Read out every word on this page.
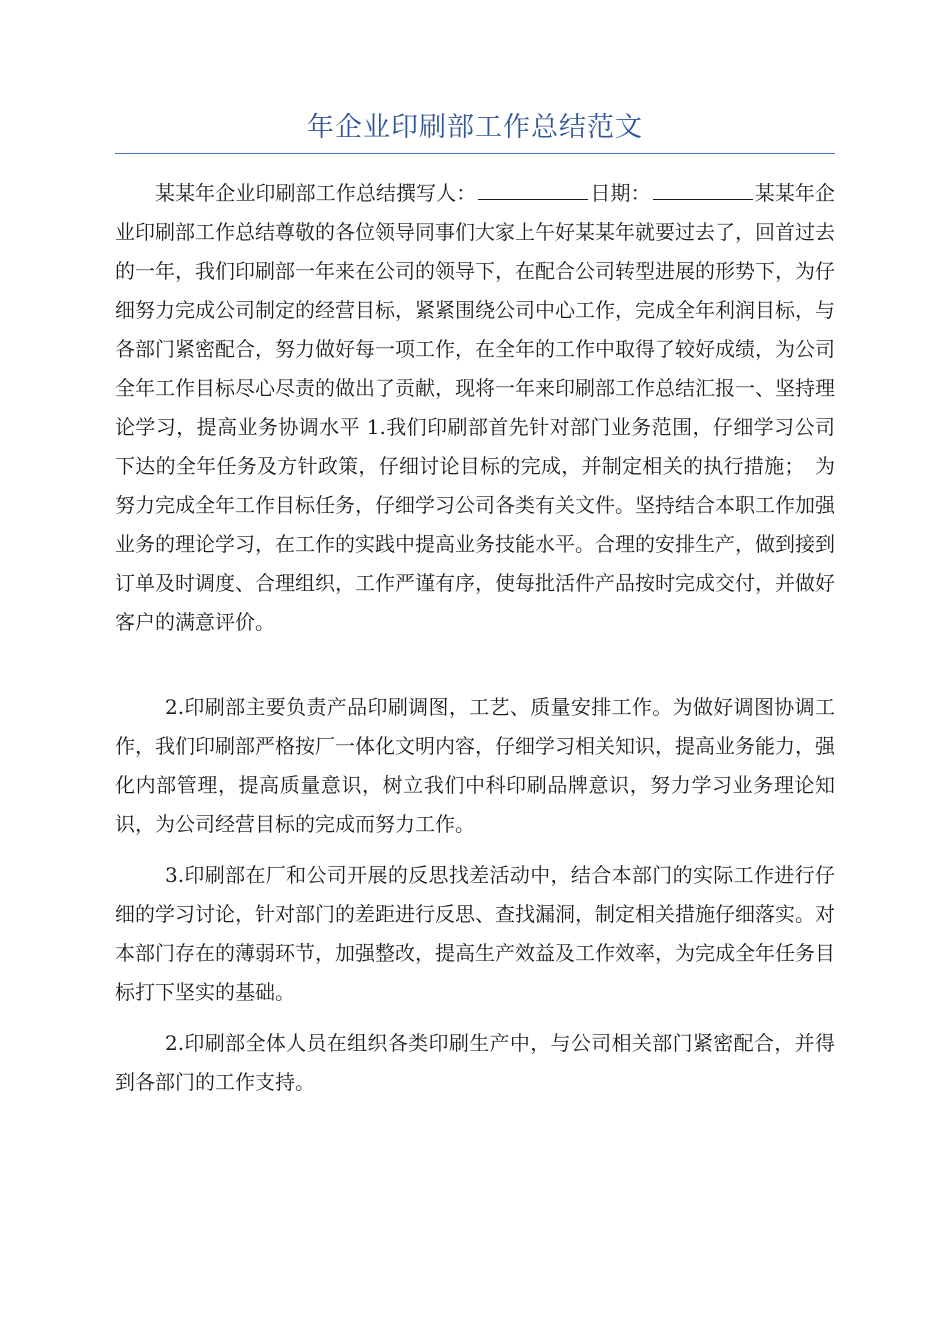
年企业印刷部工作总结范文

某某年企业印刷部工作总结撰写人：	日期：	某某年企业印刷部工作总结尊敬的各位领导同事们大家上午好某某年就要过去了，回首过去的一年，我们印刷部一年来在公司的领导下，在配合公司转型进展的形势下，为仔细努力完成公司制定的经营目标，紧紧围绕公司中心工作，完成全年利润目标，与各部门紧密配合，努力做好每一项工作，在全年的工作中取得了较好成绩，为公司全年工作目标尽心尽责的做出了贡献，现将一年来印刷部工作总结汇报一、坚持理论学习，提高业务协调水平 1.我们印刷部首先针对部门业务范围，仔细学习公司下达的全年任务及方针政策，仔细讨论目标的完成，并制定相关的执行措施；　为努力完成全年工作目标任务，仔细学习公司各类有关文件。坚持结合本职工作加强业务的理论学习，在工作的实践中提高业务技能水平。合理的安排生产，做到接到订单及时调度、合理组织，工作严谨有序，使每批活件产品按时完成交付，并做好客户的满意评价。

2.印刷部主要负责产品印刷调图，工艺、质量安排工作。为做好调图协调工作，我们印刷部严格按厂一体化文明内容，仔细学习相关知识，提高业务能力，强化内部管理，提高质量意识，树立我们中科印刷品牌意识，努力学习业务理论知识，为公司经营目标的完成而努力工作。

3.印刷部在厂和公司开展的反思找差活动中，结合本部门的实际工作进行仔细的学习讨论，针对部门的差距进行反思、查找漏洞，制定相关措施仔细落实。对本部门存在的薄弱环节，加强整改，提高生产效益及工作效率，为完成全年任务目标打下坚实的基础。

2.印刷部全体人员在组织各类印刷生产中，与公司相关部门紧密配合，并得到各部门的工作支持。
